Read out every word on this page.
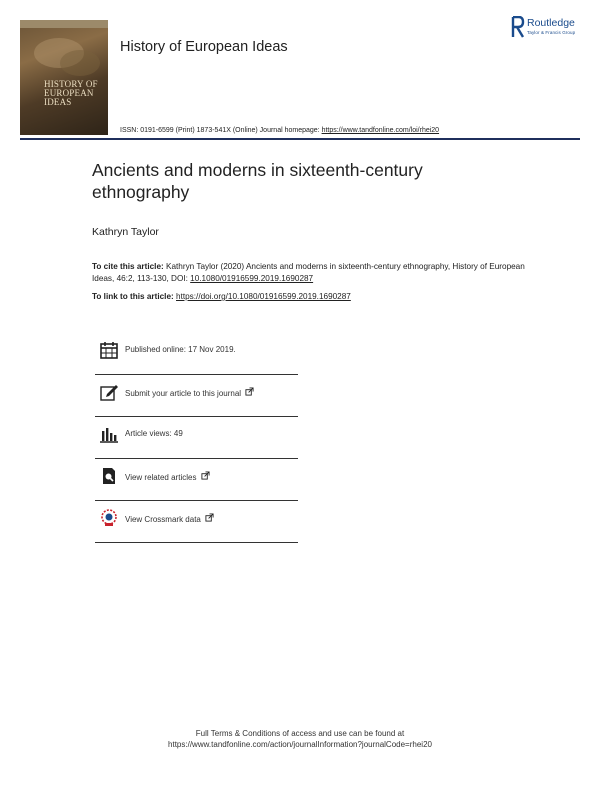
HISTORY OF EUROPEAN IDEAS
History of European Ideas
Routledge
Taylor & Francis Group
ISSN: 0191-6599 (Print) 1873-541X (Online) Journal homepage: https://www.tandfonline.com/loi/rhei20
Ancients and moderns in sixteenth-century ethnography
Kathryn Taylor
To cite this article: Kathryn Taylor (2020) Ancients and moderns in sixteenth-century ethnography, History of European Ideas, 46:2, 113-130, DOI: 10.1080/01916599.2019.1690287
To link to this article: https://doi.org/10.1080/01916599.2019.1690287
Published online: 17 Nov 2019.
Submit your article to this journal
Article views: 49
View related articles
View Crossmark data
Full Terms & Conditions of access and use can be found at
https://www.tandfonline.com/action/journalInformation?journalCode=rhei20
